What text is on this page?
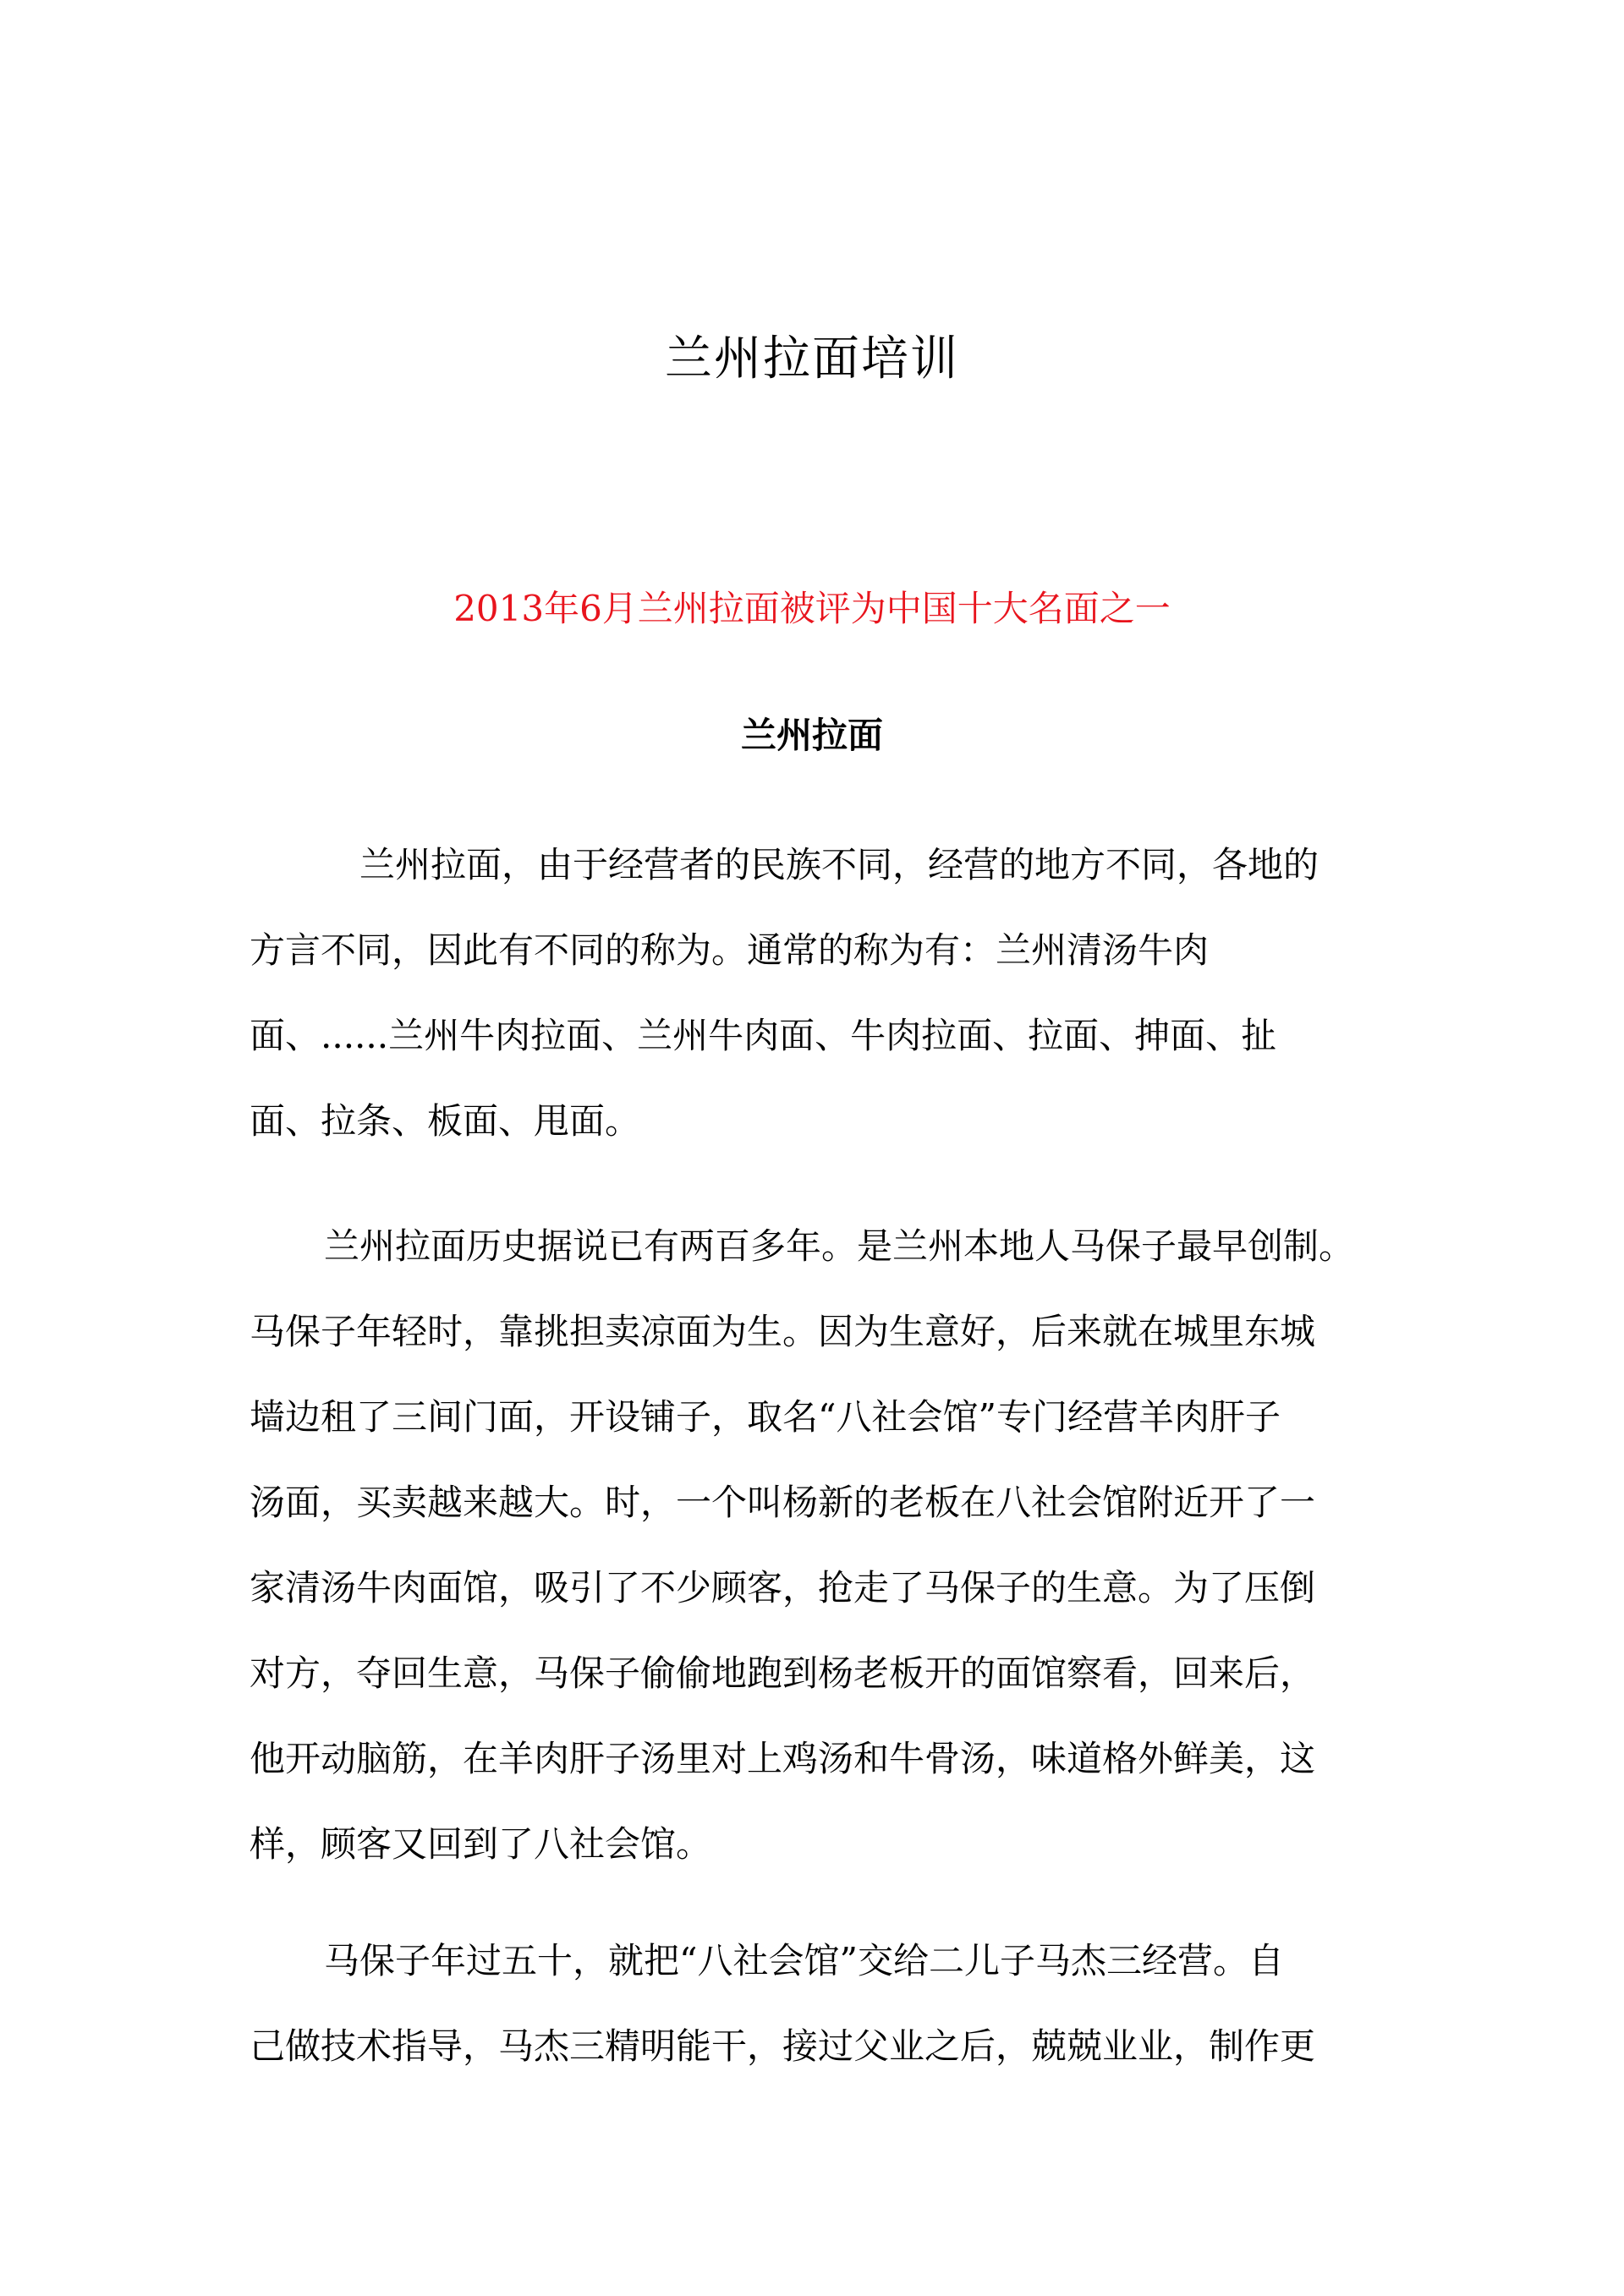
兰州拉面培训
2013年6月兰州拉面被评为中国十大名面之一
兰州拉面
兰州拉面，由于经营者的民族不同，经营的地方不同，各地的
方言不同，因此有不同的称为。通常的称为有：兰州清汤牛肉
面、......兰州牛肉拉面、兰州牛肉面、牛肉拉面、拉面、抻面、扯
面、拉条、板面、甩面。
兰州拉面历史据说已有两百多年。是兰州本地人马保子最早创制。
马保子年轻时，靠挑担卖凉面为生。因为生意好，后来就在城里东城
墙边租了三间门面，开设铺子，取名“八社会馆”专门经营羊肉肝子
汤面，买卖越来越大。时，一个叫杨新的老板在八社会馆附近开了一
家清汤牛肉面馆，吸引了不少顾客，抢走了马保子的生意。为了压倒
对方，夺回生意，马保子偷偷地跑到杨老板开的面馆察看，回来后，
他开动脑筋，在羊肉肝子汤里对上鸡汤和牛骨汤，味道格外鲜美，这
样，顾客又回到了八社会馆。
马保子年过五十，就把“八社会馆”交给二儿子马杰三经营。自
己做技术指导，马杰三精明能干，接过父业之后，兢兢业业，制作更
